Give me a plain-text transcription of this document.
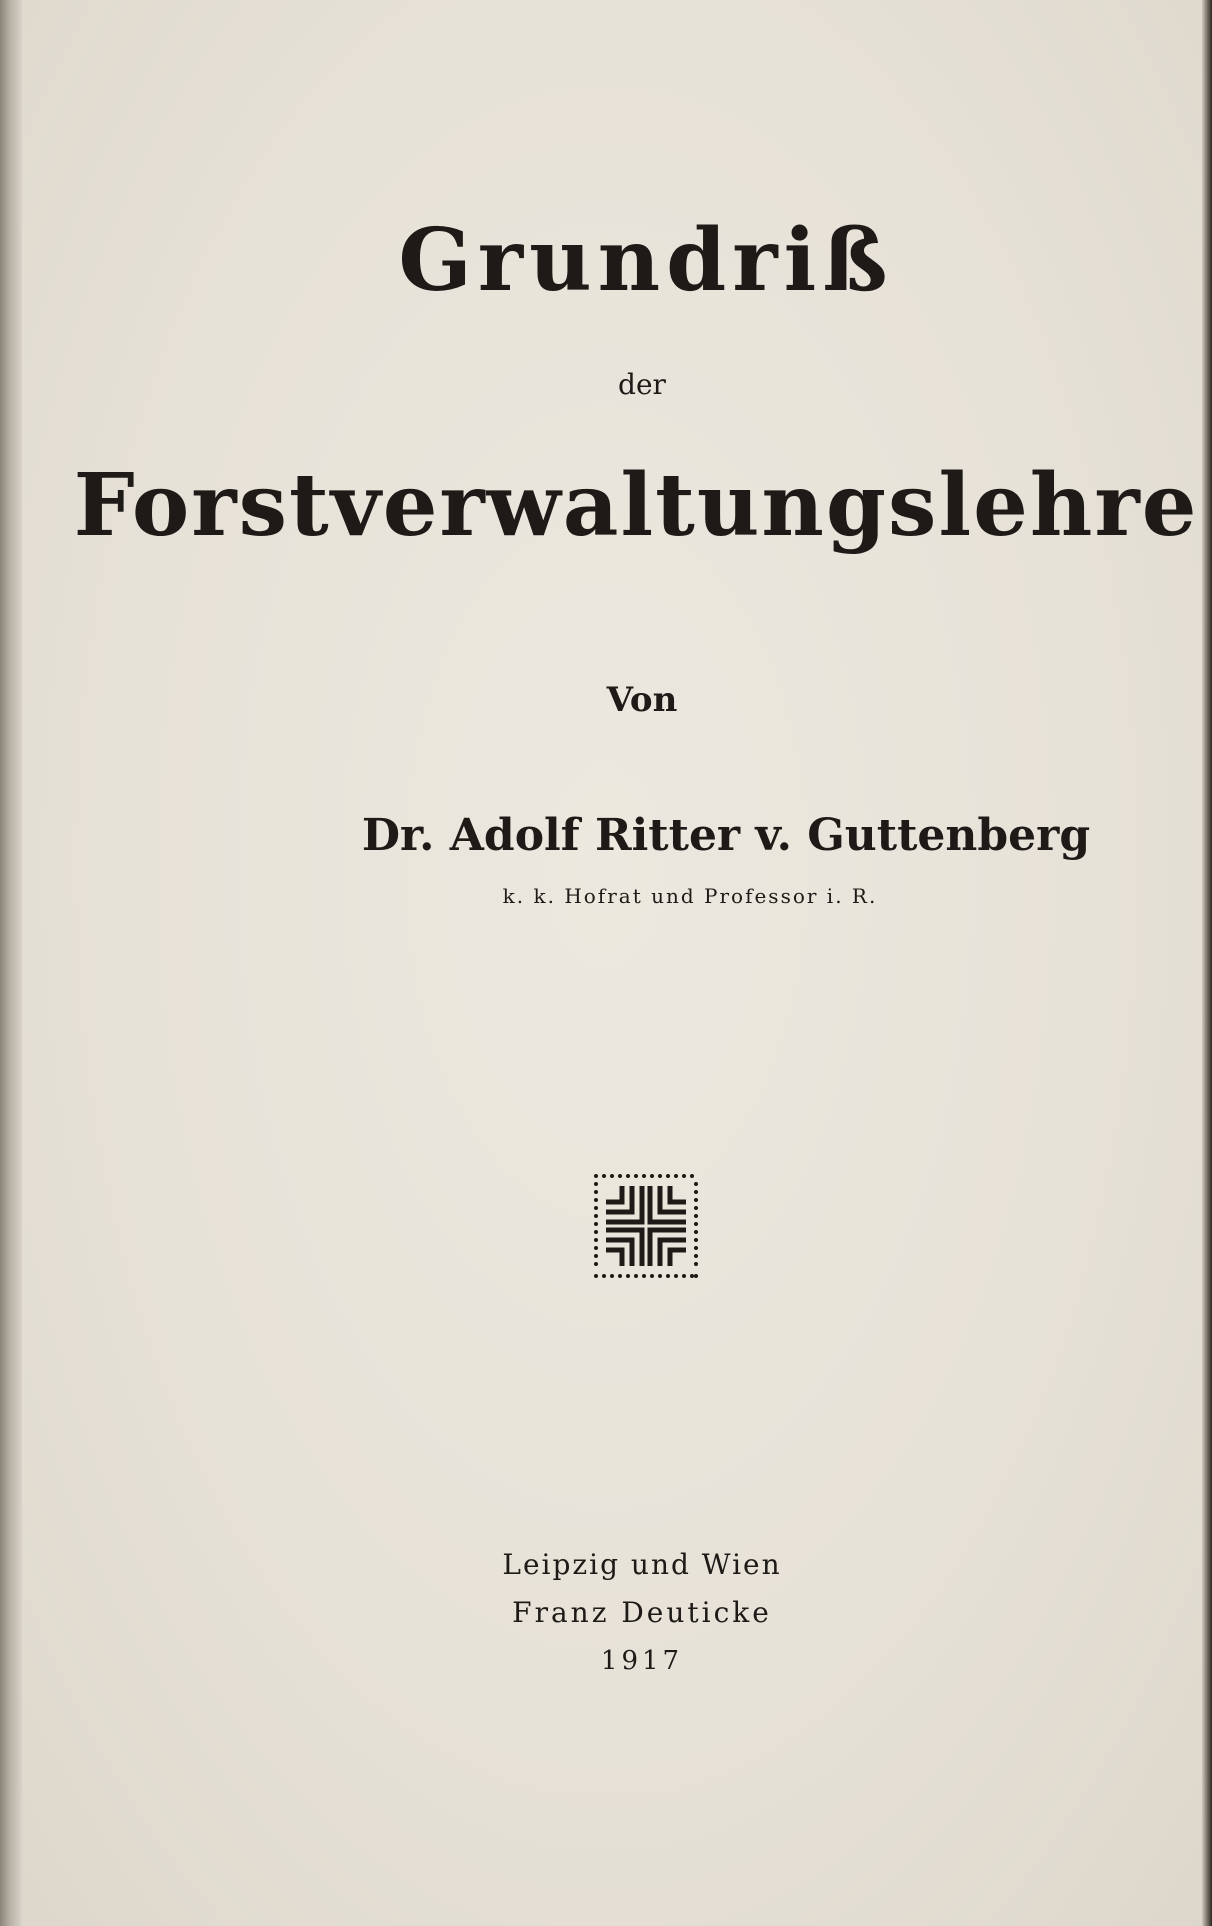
Grundriß
der
Forstverwaltungslehre
Von
Dr. Adolf Ritter v. Guttenberg
k. k. Hofrat und Professor i. R.
Leipzig und Wien
Franz Deuticke
1917
